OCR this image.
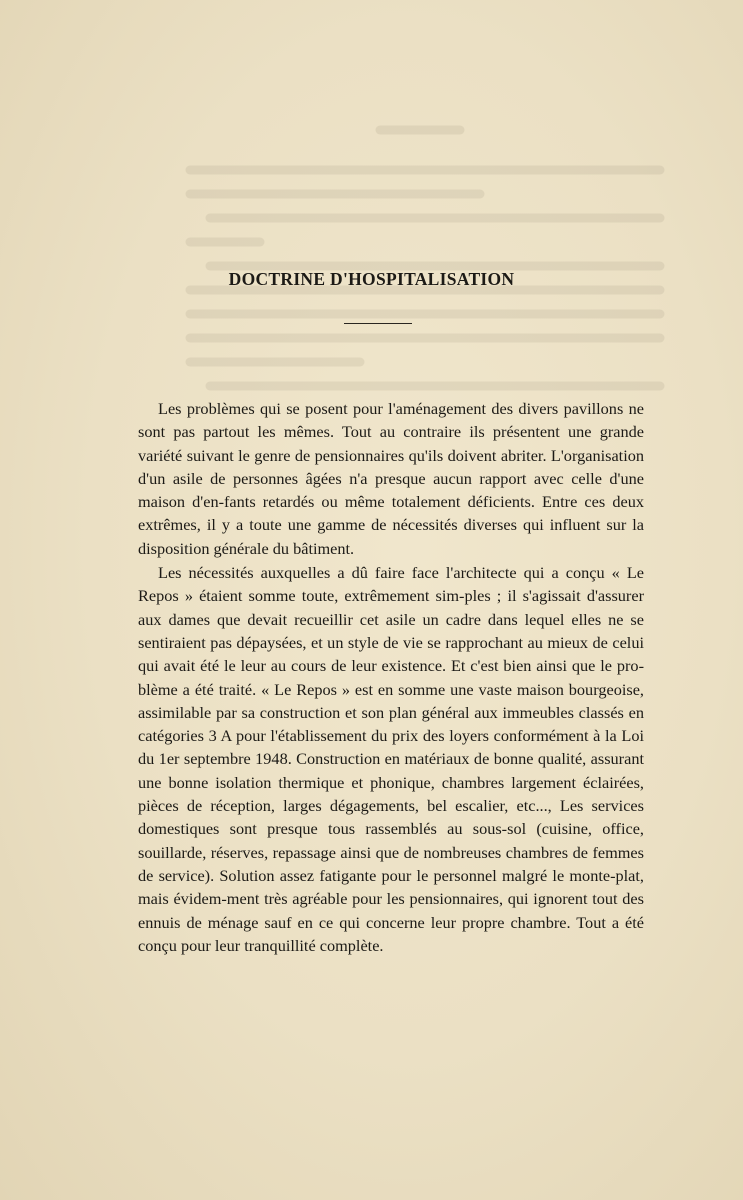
DOCTRINE D'HOSPITALISATION

Les problèmes qui se posent pour l'aménagement des divers pavillons ne sont pas partout les mêmes. Tout au contraire ils présentent une grande variété suivant le genre de pensionnaires qu'ils doivent abriter. L'organisation d'un asile de personnes âgées n'a presque aucun rapport avec celle d'une maison d'en-fants retardés ou même totalement déficients. Entre ces deux extrêmes, il y a toute une gamme de nécessités diverses qui influent sur la disposition générale du bâtiment.

Les nécessités auxquelles a dû faire face l'architecte qui a conçu « Le Repos » étaient somme toute, extrêmement sim-ples ; il s'agissait d'assurer aux dames que devait recueillir cet asile un cadre dans lequel elles ne se sentiraient pas dépaysées, et un style de vie se rapprochant au mieux de celui qui avait été le leur au cours de leur existence. Et c'est bien ainsi que le pro-blème a été traité. « Le Repos » est en somme une vaste maison bourgeoise, assimilable par sa construction et son plan général aux immeubles classés en catégories 3 A pour l'établissement du prix des loyers conformément à la Loi du 1er septembre 1948. Construction en matériaux de bonne qualité, assurant une bonne isolation thermique et phonique, chambres largement éclairées, pièces de réception, larges dégagements, bel escalier, etc..., Les services domestiques sont presque tous rassemblés au sous-sol (cuisine, office, souillarde, réserves, repassage ainsi que de nombreuses chambres de femmes de service). Solution assez fatigante pour le personnel malgré le monte-plat, mais évidem-ment très agréable pour les pensionnaires, qui ignorent tout des ennuis de ménage sauf en ce qui concerne leur propre chambre. Tout a été conçu pour leur tranquillité complète.
